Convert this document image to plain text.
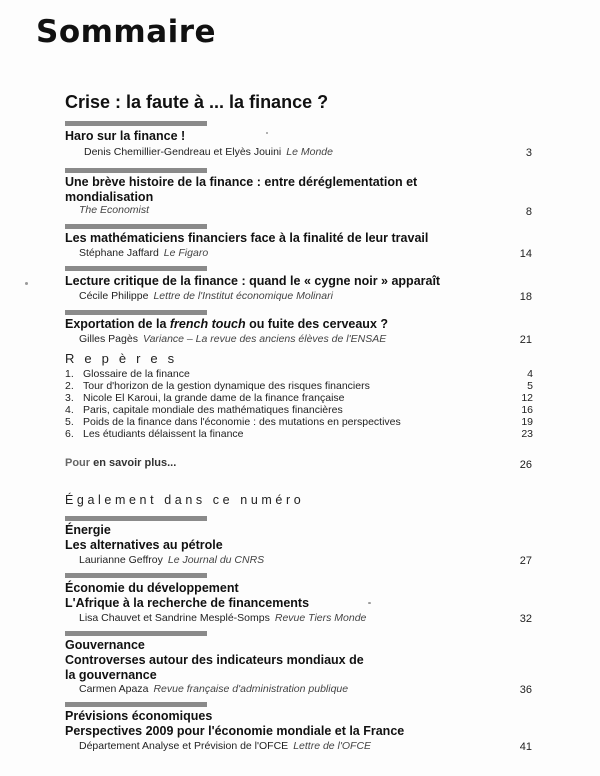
Sommaire
Crise : la faute à ... la finance ?
Haro sur la finance !
Denis Chemillier-Gendreau et Elyès Jouini Le Monde	3
Une brève histoire de la finance : entre déréglementation et mondialisation
The Economist	8
Les mathématiciens financiers face à la finalité de leur travail
Stéphane Jaffard Le Figaro	14
Lecture critique de la finance : quand le « cygne noir » apparaît
Cécile Philippe Lettre de l'Institut économique Molinari	18
Exportation de la french touch ou fuite des cerveaux ?
Gilles Pagès Variance – La revue des anciens élèves de l'ENSAE	21
Repères
1. Glossaire de la finance	4
2. Tour d'horizon de la gestion dynamique des risques financiers	5
3. Nicole El Karoui, la grande dame de la finance française	12
4. Paris, capitale mondiale des mathématiques financières	16
5. Poids de la finance dans l'économie : des mutations en perspectives	19
6. Les étudiants délaissent la finance	23
Pour en savoir plus...	26
Également dans ce numéro
Énergie
Les alternatives au pétrole
Laurianne Geffroy Le Journal du CNRS	27
Économie du développement
L'Afrique à la recherche de financements
Lisa Chauvet et Sandrine Mesplé-Somps Revue Tiers Monde	32
Gouvernance
Controverses autour des indicateurs mondiaux de la gouvernance
Carmen Apaza Revue française d'administration publique	36
Prévisions économiques
Perspectives 2009 pour l'économie mondiale et la France
Département Analyse et Prévision de l'OFCE Lettre de l'OFCE	41
